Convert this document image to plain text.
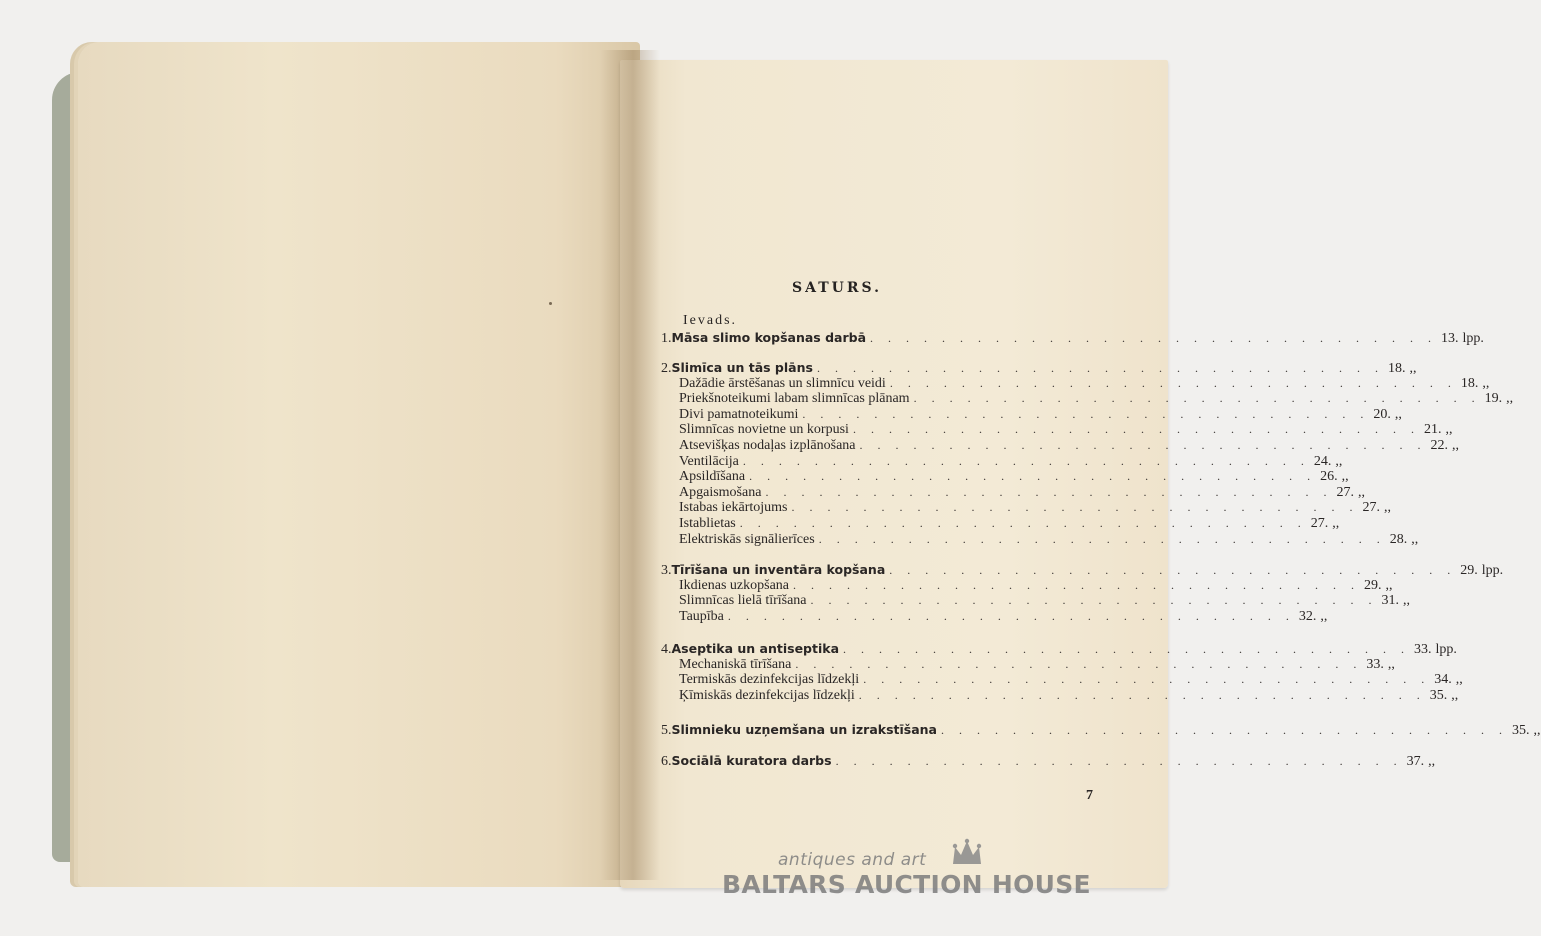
SATURS.
Ievads.
1. Māsa slimo kopšanas darbā . . . . . . . . . . . . . . . . . . . . . . . . . . . . . . . . 13. lpp.
2. Slimīca un tās plāns . . . . . . . . . . . . . . . . . . . . . . . . . . . . . . . . 18. ,,
Dažādie ārstēšanas un slimnīcu veidi . . . . . . . . . . . . . . . . . . . . . . . . . . . . . . . . 18. ,,
Priekšnoteikumi labam slimnīcas plānam . . . . . . . . . . . . . . . . . . . . . . . . . . . . . . . . 19. ,,
Divi pamatnoteikumi . . . . . . . . . . . . . . . . . . . . . . . . . . . . . . . . 20. ,,
Slimnīcas novietne un korpusi . . . . . . . . . . . . . . . . . . . . . . . . . . . . . . . . 21. ,,
Atsevišķas nodaļas izplānošana . . . . . . . . . . . . . . . . . . . . . . . . . . . . . . . . 22. ,,
Ventilācija . . . . . . . . . . . . . . . . . . . . . . . . . . . . . . . . 24. ,,
Apsildīšana . . . . . . . . . . . . . . . . . . . . . . . . . . . . . . . . 26. ,,
Apgaismošana . . . . . . . . . . . . . . . . . . . . . . . . . . . . . . . . 27. ,,
Istabas iekārtojums . . . . . . . . . . . . . . . . . . . . . . . . . . . . . . . . 27. ,,
Istablietas . . . . . . . . . . . . . . . . . . . . . . . . . . . . . . . . 27. ,,
Elektriskās signālierīces . . . . . . . . . . . . . . . . . . . . . . . . . . . . . . . . 28. ,,
3. Tīrīšana un inventāra kopšana . . . . . . . . . . . . . . . . . . . . . . . . . . . . . . . . 29. lpp.
Ikdienas uzkopšana . . . . . . . . . . . . . . . . . . . . . . . . . . . . . . . . 29. ,,
Slimnīcas lielā tīrīšana . . . . . . . . . . . . . . . . . . . . . . . . . . . . . . . . 31. ,,
Taupība . . . . . . . . . . . . . . . . . . . . . . . . . . . . . . . . 32. ,,
4. Aseptika un antiseptika . . . . . . . . . . . . . . . . . . . . . . . . . . . . . . . . 33. lpp.
Mechaniskā tīrīšana . . . . . . . . . . . . . . . . . . . . . . . . . . . . . . . . 33. ,,
Termiskās dezinfekcijas līdzekļi . . . . . . . . . . . . . . . . . . . . . . . . . . . . . . . . 34. ,,
Ķīmiskās dezinfekcijas līdzekļi . . . . . . . . . . . . . . . . . . . . . . . . . . . . . . . . 35. ,,
5. Slimnieku uzņemšana un izrakstīšana . . . . . . . . . . . . . . . . . . . . . . . . . . . . . . . . 35. ,,
6. Sociālā kuratora darbs . . . . . . . . . . . . . . . . . . . . . . . . . . . . . . . . 37. ,,
7
antiques and art
BALTARS AUCTION HOUSE
